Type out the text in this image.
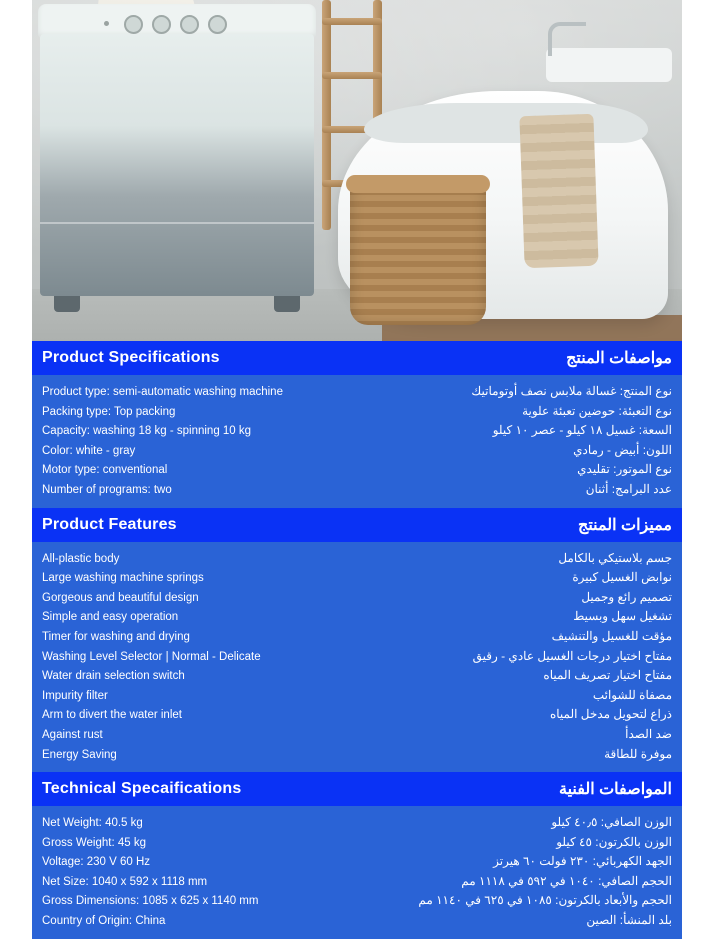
Product Specifications	مواصفات المنتج
Product type: semi-automatic washing machine	نوع المنتج: غسالة ملابس نصف أوتوماتيك
Packing type: Top packing	نوع التعبئة: حوضين تعبئة علوية
Capacity: washing 18 kg - spinning 10 kg	السعة: غسيل ١٨ كيلو - عصر ١٠ كيلو
Color: white - gray	اللون: أبيض - رمادي
Motor type: conventional	نوع الموتور: تقليدي
Number of programs: two	عدد البرامج: أثنان
Product Features	مميزات المنتج
All-plastic body	جسم بلاستيكي بالكامل
Large washing machine springs	نوابض الغسيل كبيرة
Gorgeous and beautiful design	تصميم رائع وجميل
Simple and easy operation	تشغيل سهل وبسيط
Timer for washing and drying	مؤقت للغسيل والتنشيف
Washing Level Selector | Normal - Delicate	مفتاح اختيار درجات الغسيل عادي - رقيق
Water drain selection switch	مفتاح اختيار تصريف المياه
Impurity filter	مصفاة للشوائب
Arm to divert the water inlet	ذراع لتحويل مدخل المياه
Against rust	ضد الصدأ
Energy Saving	موفرة للطاقة
Technical Specaifications	المواصفات الفنية
Net Weight: 40.5 kg	الوزن الصافي: ٤٠٫٥ كيلو
Gross Weight: 45 kg	الوزن بالكرتون: ٤٥ كيلو
Voltage: 230 V 60 Hz	الجهد الكهربائي: ٢٣٠ فولت ٦٠ هيرتز
Net Size: 1040 x 592 x 1118 mm	الحجم الصافي: ١٠٤٠ في ٥٩٢ في ١١١٨ مم
Gross Dimensions: 1085 x 625 x 1140 mm	الحجم والأبعاد بالكرتون: ١٠٨٥ في ٦٢٥ في ١١٤٠ مم
Country of Origin: China	بلد المنشأ: الصين
